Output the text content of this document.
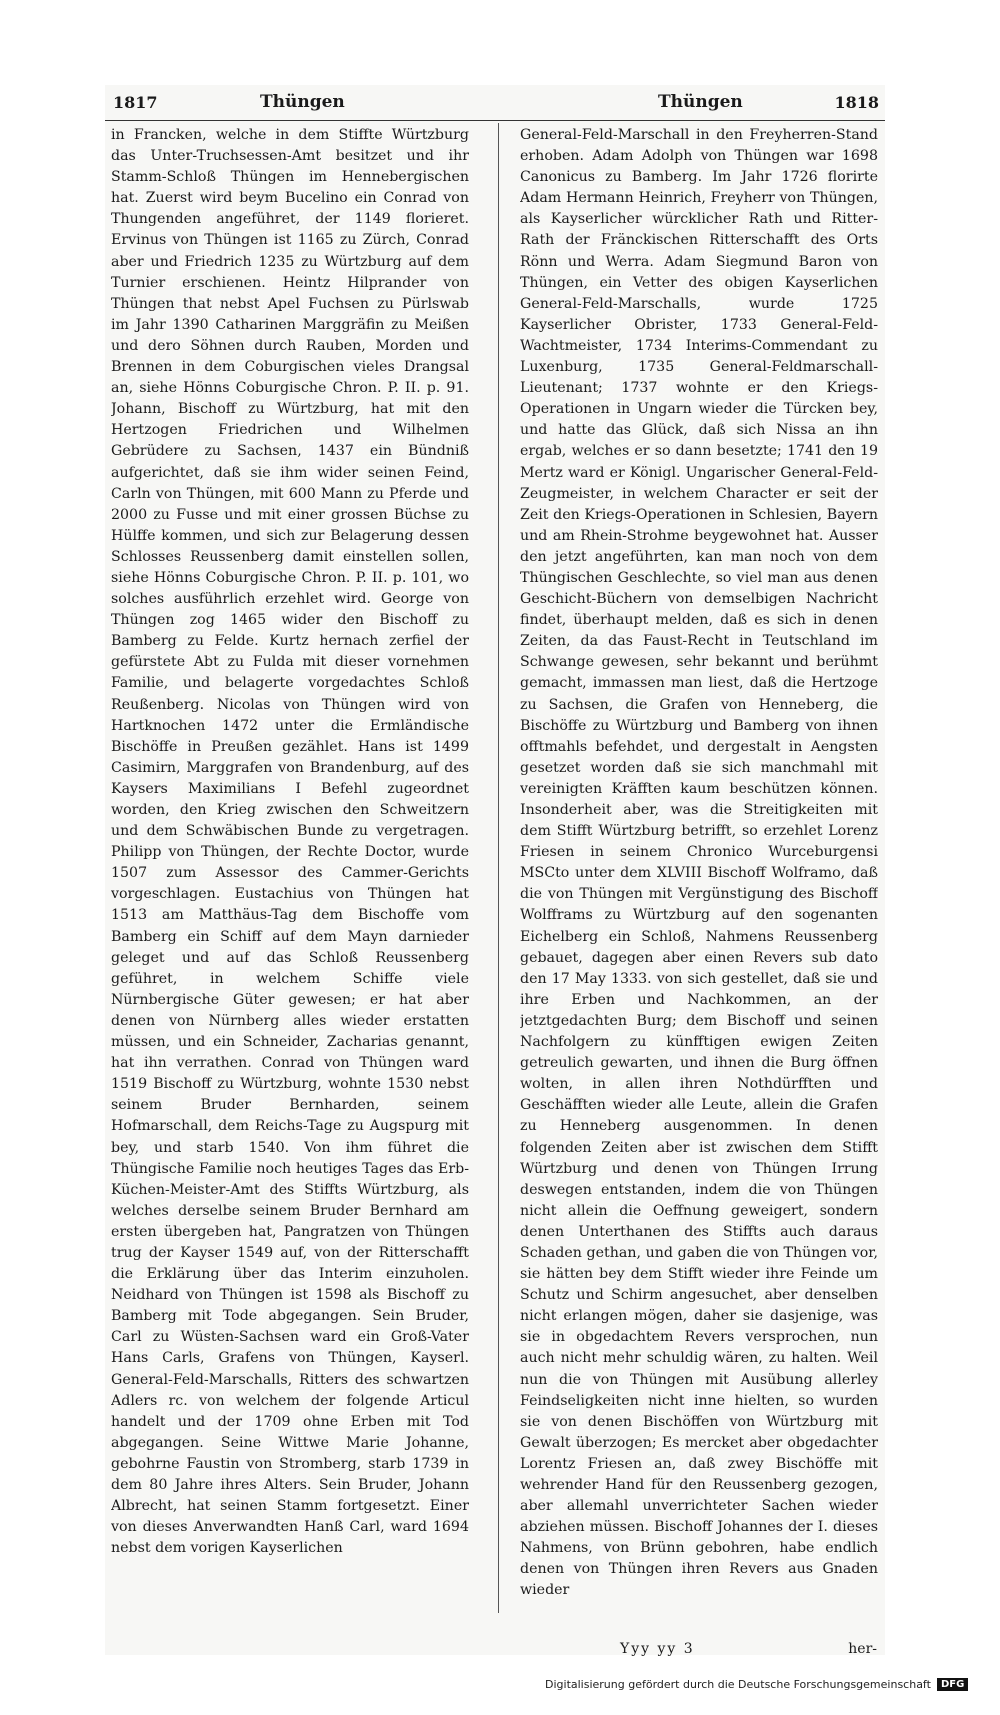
1817	Thüngen	Thüngen	1818
in Francken, welche in dem Stiffte Würtzburg das Unter-Truchsessen-Amt besitzet und ihr Stamm-Schloß Thüngen im Hennebergischen hat. Zuerst wird beym Bucelino ein Conrad von Thungenden angeführet, der 1149 florieret. Ervinus von Thüngen ist 1165 zu Zürch, Conrad aber und Friedrich 1235 zu Würtzburg auf dem Turnier erschienen. Heintz Hilprander von Thüngen that nebst Apel Fuchsen zu Pürlswab im Jahr 1390 Catharinen Marggräfin zu Meißen und dero Söhnen durch Rauben, Morden und Brennen in dem Coburgischen vieles Drangsal an, siehe Hönns Coburgische Chron. P. II. p. 91. Johann, Bischoff zu Würtzburg, hat mit den Hertzogen Friedrichen und Wilhelmen Gebrüdere zu Sachsen, 1437 ein Bündniß aufgerichtet, daß sie ihm wider seinen Feind, Carln von Thüngen, mit 600 Mann zu Pferde und 2000 zu Fusse und mit einer grossen Büchse zu Hülffe kommen, und sich zur Belagerung dessen Schlosses Reussenberg damit einstellen sollen, siehe Hönns Coburgische Chron. P. II. p. 101, wo solches ausführlich erzehlet wird. George von Thüngen zog 1465 wider den Bischoff zu Bamberg zu Felde. Kurtz hernach zerfiel der gefürstete Abt zu Fulda mit dieser vornehmen Familie, und belagerte vorgedachtes Schloß Reußenberg. Nicolas von Thüngen wird von Hartknochen 1472 unter die Ermländische Bischöffe in Preußen gezählet. Hans ist 1499 Casimirn, Marggrafen von Brandenburg, auf des Kaysers Maximilians I Befehl zugeordnet worden, den Krieg zwischen den Schweitzern und dem Schwäbischen Bunde zu vergetragen. Philipp von Thüngen, der Rechte Doctor, wurde 1507 zum Assessor des Cammer-Gerichts vorgeschlagen. Eustachius von Thüngen hat 1513 am Matthäus-Tag dem Bischoffe vom Bamberg ein Schiff auf dem Mayn darnieder geleget und auf das Schloß Reussenberg geführet, in welchem Schiffe viele Nürnbergische Güter gewesen; er hat aber denen von Nürnberg alles wieder erstatten müssen, und ein Schneider, Zacharias genannt, hat ihn verrathen. Conrad von Thüngen ward 1519 Bischoff zu Würtzburg, wohnte 1530 nebst seinem Bruder Bernharden, seinem Hofmarschall, dem Reichs-Tage zu Augspurg mit bey, und starb 1540. Von ihm führet die Thüngische Familie noch heutiges Tages das Erb-Küchen-Meister-Amt des Stiffts Würtzburg, als welches derselbe seinem Bruder Bernhard am ersten übergeben hat, Pangratzen von Thüngen trug der Kayser 1549 auf, von der Ritterschafft die Erklärung über das Interim einzuholen. Neidhard von Thüngen ist 1598 als Bischoff zu Bamberg mit Tode abgegangen. Sein Bruder, Carl zu Wüsten-Sachsen ward ein Groß-Vater Hans Carls, Grafens von Thüngen, Kayserl. General-Feld-Marschalls, Ritters des schwartzen Adlers rc. von welchem der folgende Articul handelt und der 1709 ohne Erben mit Tod abgegangen. Seine Wittwe Marie Johanne, gebohrne Faustin von Stromberg, starb 1739 in dem 80 Jahre ihres Alters. Sein Bruder, Johann Albrecht, hat seinen Stamm fortgesetzt. Einer von dieses Anverwandten Hanß Carl, ward 1694 nebst dem vorigen Kayserlichen
General-Feld-Marschall in den Freyherren-Stand erhoben. Adam Adolph von Thüngen war 1698 Canonicus zu Bamberg. Im Jahr 1726 florirte Adam Hermann Heinrich, Freyherr von Thüngen, als Kayserlicher würcklicher Rath und Ritter-Rath der Fränckischen Ritterschafft des Orts Rönn und Werra. Adam Siegmund Baron von Thüngen, ein Vetter des obigen Kayserlichen General-Feld-Marschalls, wurde 1725 Kayserlicher Obrister, 1733 General-Feld-Wachtmeister, 1734 Interims-Commendant zu Luxenburg, 1735 General-Feldmarschall-Lieutenant; 1737 wohnte er den Kriegs-Operationen in Ungarn wieder die Türcken bey, und hatte das Glück, daß sich Nissa an ihn ergab, welches er so dann besetzte; 1741 den 19 Mertz ward er Königl. Ungarischer General-Feld-Zeugmeister, in welchem Character er seit der Zeit den Kriegs-Operationen in Schlesien, Bayern und am Rhein-Strohme beygewohnet hat. Ausser den jetzt angeführten, kan man noch von dem Thüngischen Geschlechte, so viel man aus denen Geschicht-Büchern von demselbigen Nachricht findet, überhaupt melden, daß es sich in denen Zeiten, da das Faust-Recht in Teutschland im Schwange gewesen, sehr bekannt und berühmt gemacht, immassen man liest, daß die Hertzoge zu Sachsen, die Grafen von Henneberg, die Bischöffe zu Würtzburg und Bamberg von ihnen offtmahls befehdet, und dergestalt in Aengsten gesetzet worden daß sie sich manchmahl mit vereinigten Kräfften kaum beschützen können. Insonderheit aber, was die Streitigkeiten mit dem Stifft Würtzburg betrifft, so erzehlet Lorenz Friesen in seinem Chronico Wurceburgensi MSCto unter dem XLVIII Bischoff Wolframo, daß die von Thüngen mit Vergünstigung des Bischoff Wolfframs zu Würtzburg auf den sogenanten Eichelberg ein Schloß, Nahmens Reussenberg gebauet, dagegen aber einen Revers sub dato den 17 May 1333. von sich gestellet, daß sie und ihre Erben und Nachkommen, an der jetztgedachten Burg; dem Bischoff und seinen Nachfolgern zu künfftigen ewigen Zeiten getreulich gewarten, und ihnen die Burg öffnen wolten, in allen ihren Nothdürfften und Geschäfften wieder alle Leute, allein die Grafen zu Henneberg ausgenommen. In denen folgenden Zeiten aber ist zwischen dem Stifft Würtzburg und denen von Thüngen Irrung deswegen entstanden, indem die von Thüngen nicht allein die Oeffnung geweigert, sondern denen Unterthanen des Stiffts auch daraus Schaden gethan, und gaben die von Thüngen vor, sie hätten bey dem Stifft wieder ihre Feinde um Schutz und Schirm angesuchet, aber denselben nicht erlangen mögen, daher sie dasjenige, was sie in obgedachtem Revers versprochen, nun auch nicht mehr schuldig wären, zu halten. Weil nun die von Thüngen mit Ausübung allerley Feindseligkeiten nicht inne hielten, so wurden sie von denen Bischöffen von Würtzburg mit Gewalt überzogen; Es mercket aber obgedachter Lorentz Friesen an, daß zwey Bischöffe mit wehrender Hand für den Reussenberg gezogen, aber allemahl unverrichteter Sachen wieder abziehen müssen. Bischoff Johannes der I. dieses Nahmens, von Brünn gebohren, habe endlich denen von Thüngen ihren Revers aus Gnaden wieder
Yyy yy 3	her-
Digitalisierung gefördert durch die Deutsche Forschungsgemeinschaft	DFG
